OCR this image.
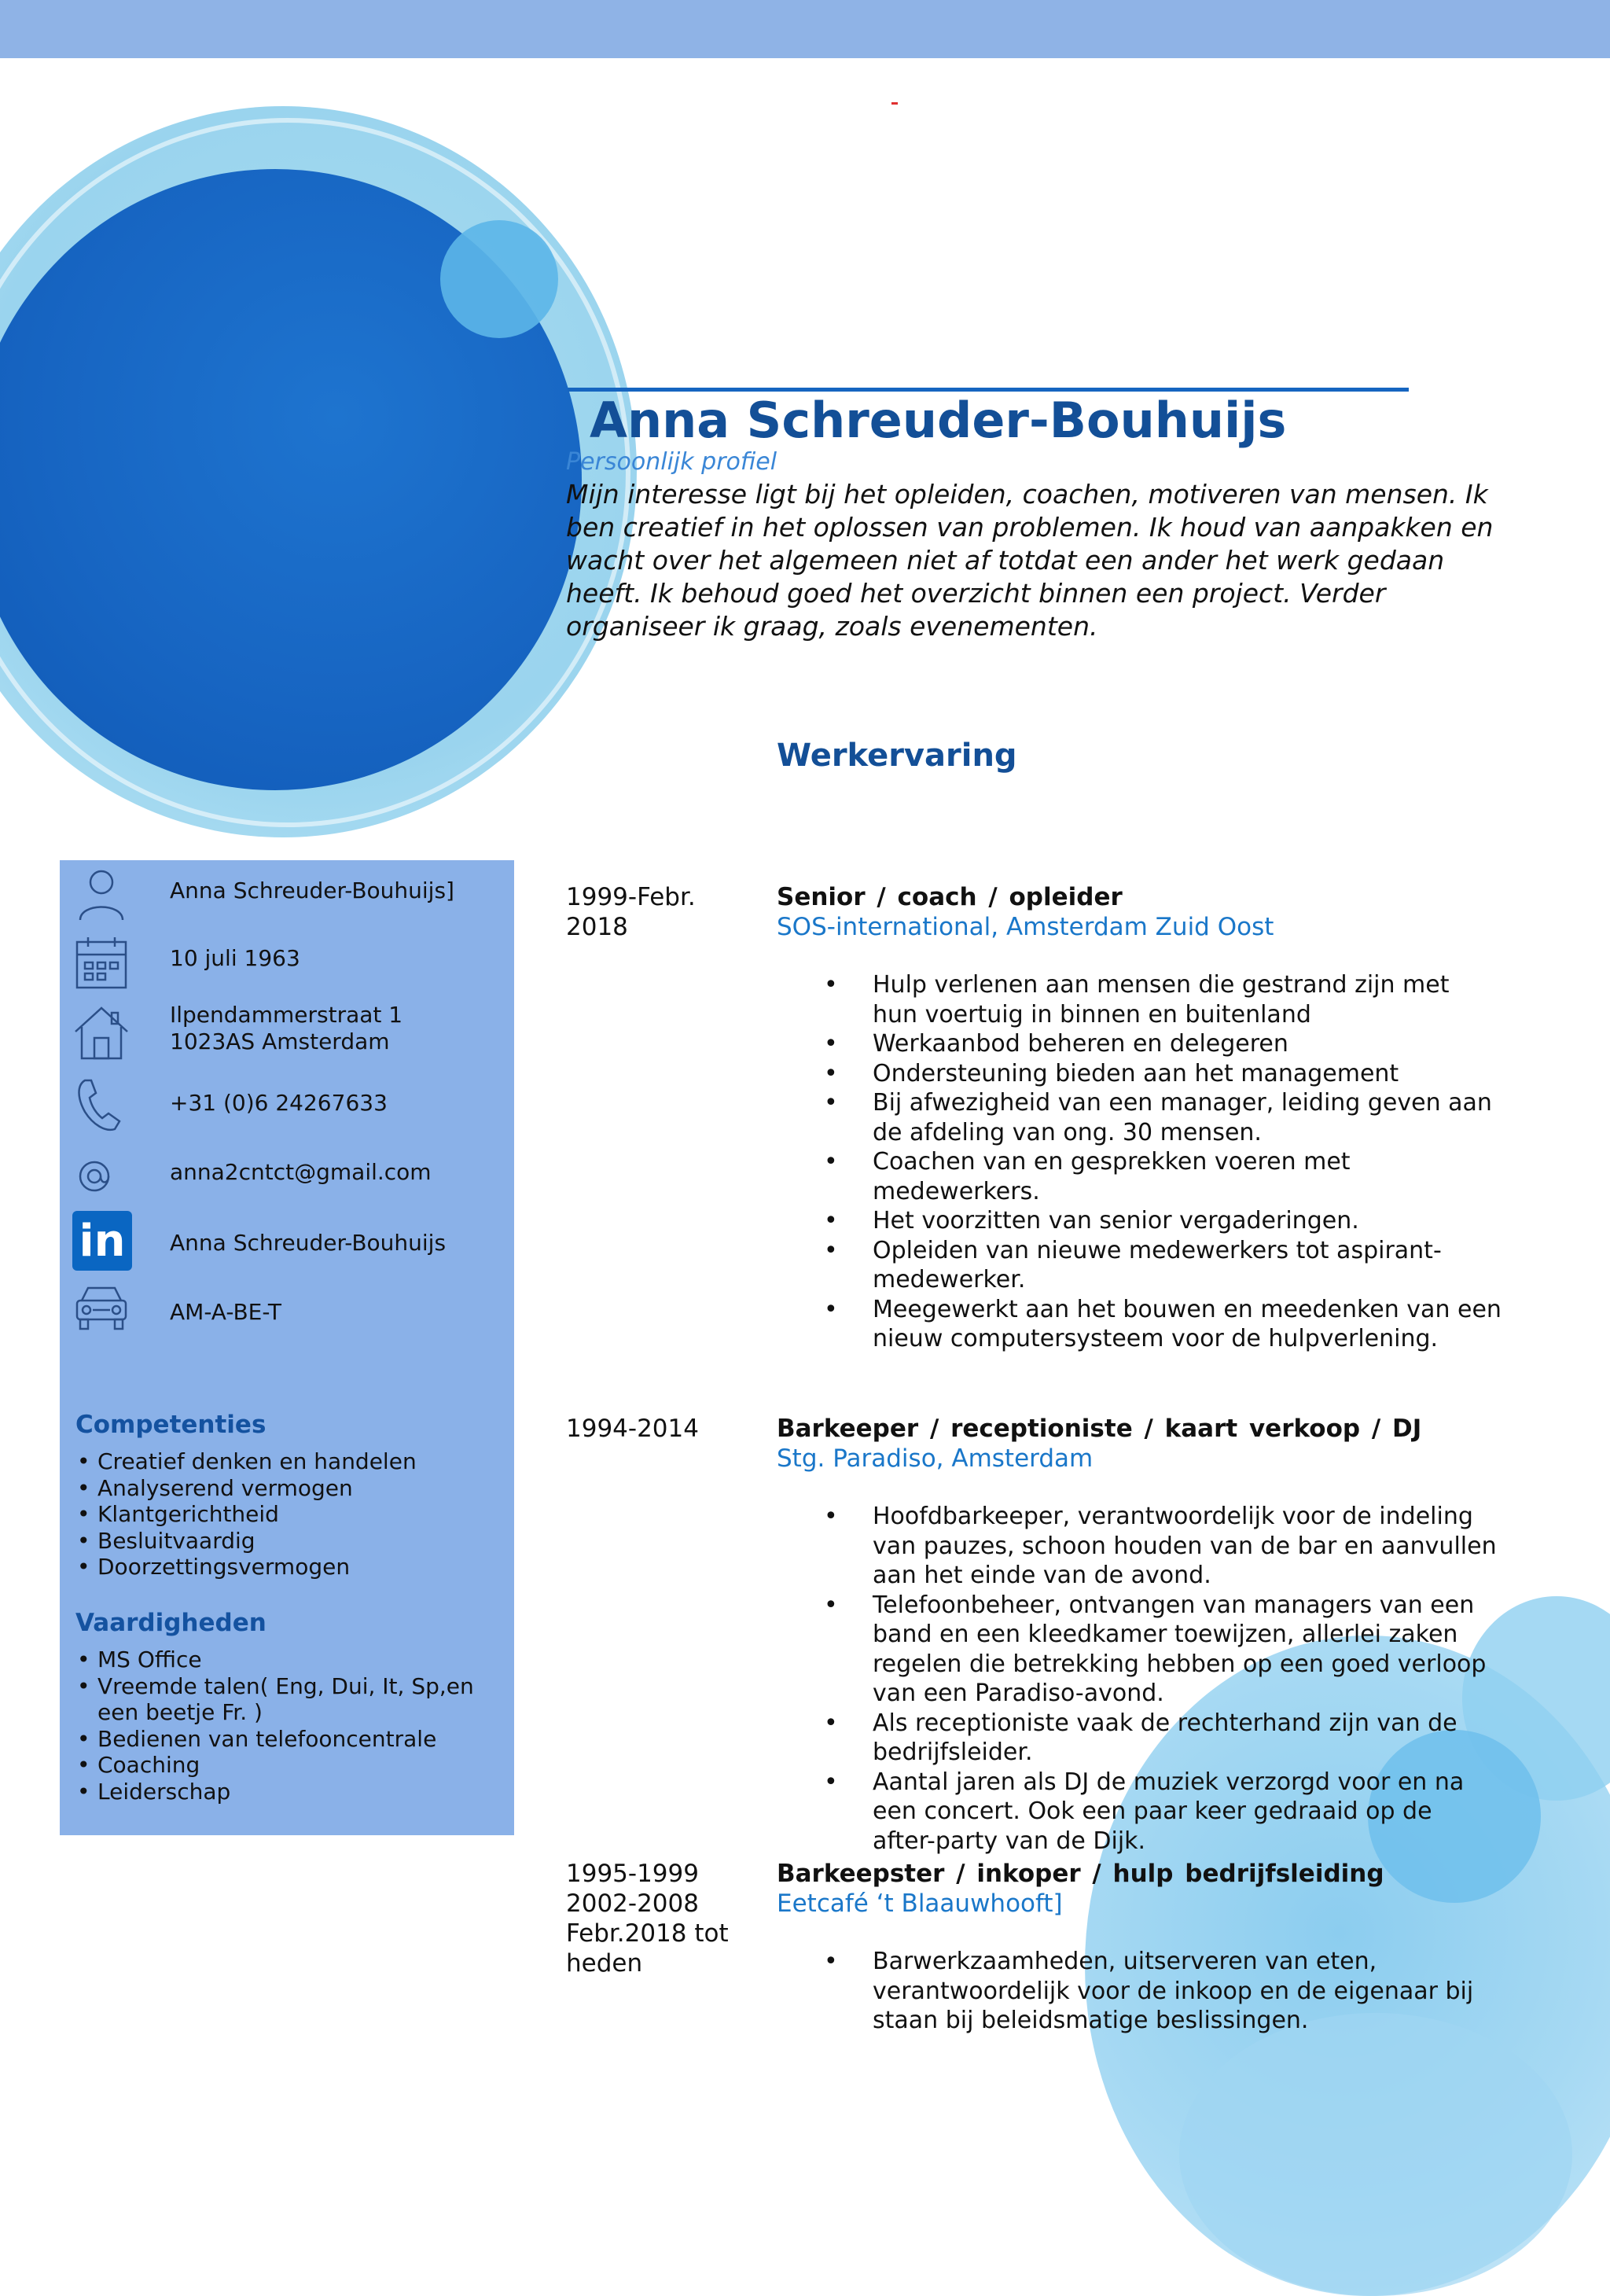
Anna Schreuder-Bouhuijs
Persoonlijk profiel
Mijn interesse ligt bij het opleiden, coachen, motiveren van mensen. Ik ben creatief in het oplossen van problemen. Ik houd van aanpakken en wacht over het algemeen niet af totdat een ander het werk gedaan heeft. Ik behoud goed het overzicht binnen een project. Verder organiseer ik graag, zoals evenementen.
Anna Schreuder-Bouhuijs]
10 juli 1963
Ilpendammerstraat 1
1023AS Amsterdam
+31 (0)6 24267633
anna2cntct@gmail.com
in	Anna Schreuder-Bouhuijs
AM-A-BE-T
Competenties
• Creatief denken en handelen
• Analyserend vermogen
• Klantgerichtheid
• Besluitvaardig
• Doorzettingsvermogen
Vaardigheden
• MS Office
• Vreemde talen( Eng, Dui, It, Sp,en een beetje Fr. )
• Bedienen van telefooncentrale
• Coaching
• Leiderschap
Werkervaring
1999-Febr. 2018
Senior / coach / opleider
SOS-international, Amsterdam Zuid Oost
• Hulp verlenen aan mensen die gestrand zijn met hun voertuig in binnen en buitenland
• Werkaanbod beheren en delegeren
• Ondersteuning bieden aan het management
• Bij afwezigheid van een manager, leiding geven aan de afdeling van ong. 30 mensen.
• Coachen van en gesprekken voeren met medewerkers.
• Het voorzitten van senior vergaderingen.
• Opleiden van nieuwe medewerkers tot aspirant-medewerker.
• Meegewerkt aan het bouwen en meedenken van een nieuw computersysteem voor de hulpverlening.
1994-2014	Barkeeper / receptioniste / kaart verkoop / DJ
Stg. Paradiso, Amsterdam
• Hoofdbarkeeper, verantwoordelijk voor de indeling van pauzes, schoon houden van de bar en aanvullen aan het einde van de avond.
• Telefoonbeheer, ontvangen van managers van een band en een kleedkamer toewijzen, allerlei zaken regelen die betrekking hebben op een goed verloop van een Paradiso-avond.
• Als receptioniste vaak de rechterhand zijn van de bedrijfsleider.
• Aantal jaren als DJ de muziek verzorgd voor en na een concert. Ook een paar keer gedraaid op de after-party van de Dijk.
1995-1999 2002-2008 Febr.2018 tot heden
Barkeepster / inkoper / hulp bedrijfsleiding
Eetcafé ‘t Blaauwhooft]
• Barwerkzaamheden, uitserveren van eten, verantwoordelijk voor de inkoop en de eigenaar bij staan bij beleidsmatige beslissingen.
